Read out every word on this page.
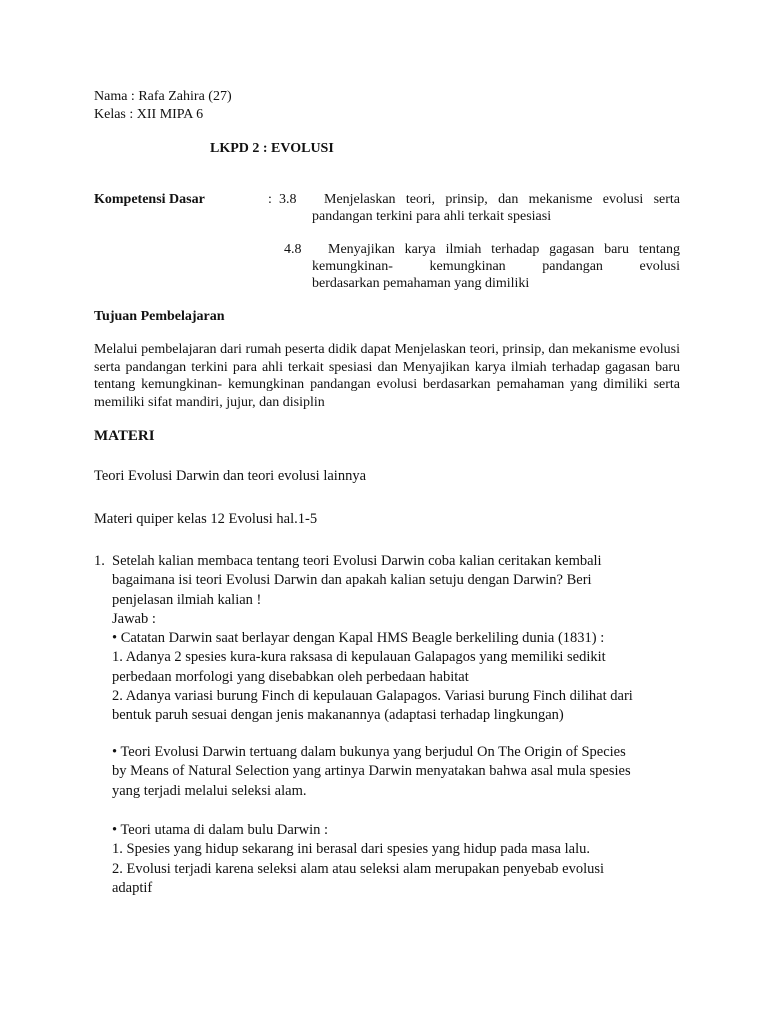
Nama : Rafa Zahira (27)
Kelas : XII MIPA 6
LKPD 2 : EVOLUSI
Kompetensi Dasar	: 3.8	Menjelaskan teori, prinsip, dan mekanisme evolusi serta
pandangan terkini para ahli terkait spesiasi
4.8	Menyajikan karya ilmiah terhadap gagasan baru tentang
kemungkinan- kemungkinan pandangan evolusi
berdasarkan pemahaman yang dimiliki
Tujuan Pembelajaran
Melalui pembelajaran dari rumah peserta didik dapat Menjelaskan teori, prinsip, dan mekanisme evolusi serta pandangan terkini para ahli terkait spesiasi dan Menyajikan karya ilmiah terhadap gagasan baru tentang kemungkinan- kemungkinan pandangan evolusi berdasarkan pemahaman yang dimiliki serta memiliki sifat mandiri, jujur, dan disiplin
MATERI
Teori Evolusi Darwin dan teori evolusi lainnya
Materi quiper kelas 12 Evolusi hal.1-5
1. Setelah kalian membaca tentang teori Evolusi Darwin coba kalian ceritakan kembali
bagaimana isi teori Evolusi Darwin dan apakah kalian setuju dengan Darwin? Beri
penjelasan ilmiah kalian !
Jawab :
• Catatan Darwin saat berlayar dengan Kapal HMS Beagle berkeliling dunia (1831) :
1. Adanya 2 spesies kura-kura raksasa di kepulauan Galapagos yang memiliki sedikit
perbedaan morfologi yang disebabkan oleh perbedaan habitat
2. Adanya variasi burung Finch di kepulauan Galapagos. Variasi burung Finch dilihat dari
bentuk paruh sesuai dengan jenis makanannya (adaptasi terhadap lingkungan)
• Teori Evolusi Darwin tertuang dalam bukunya yang berjudul On The Origin of Species
by Means of Natural Selection yang artinya Darwin menyatakan bahwa asal mula spesies
yang terjadi melalui seleksi alam.
• Teori utama di dalam bulu Darwin :
1. Spesies yang hidup sekarang ini berasal dari spesies yang hidup pada masa lalu.
2. Evolusi terjadi karena seleksi alam atau seleksi alam merupakan penyebab evolusi
adaptif
